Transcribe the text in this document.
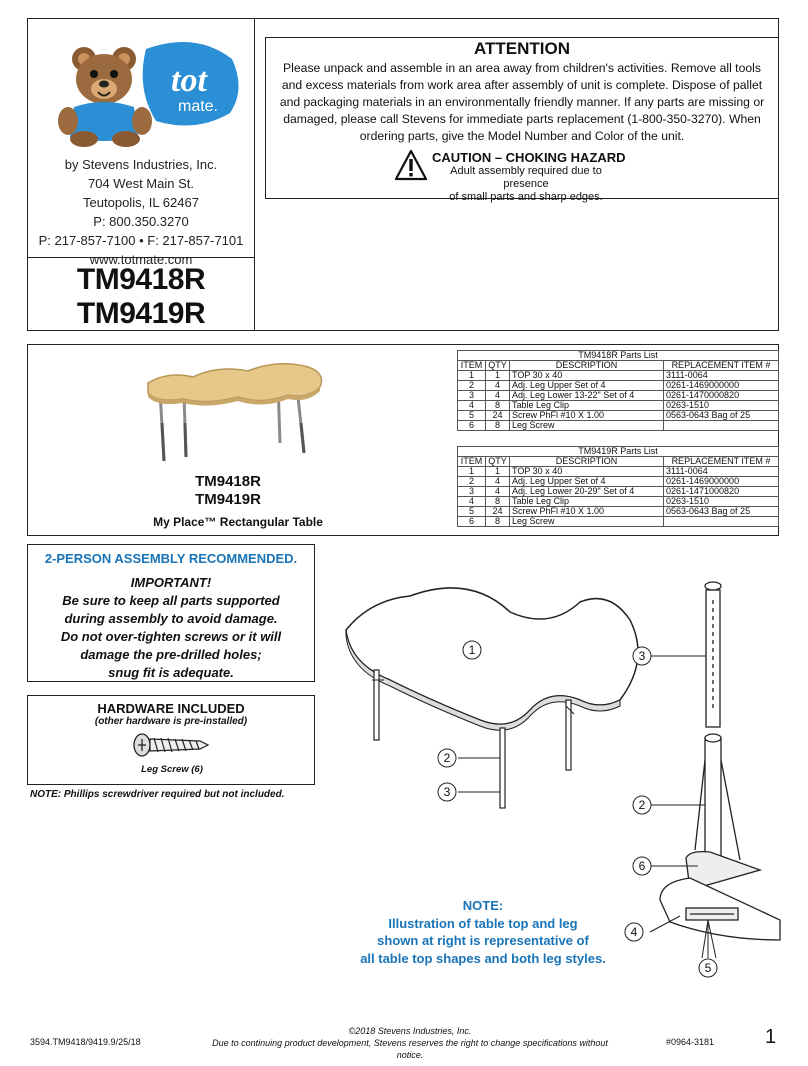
tot
mate.
by Stevens Industries, Inc.
704 West Main St.
Teutopolis, IL 62467
P: 800.350.3270
P: 217-857-7100 • F: 217-857-7101
www.totmate.com
TM9418R
TM9419R
ATTENTION
Please unpack and assemble in an area away from children's activities. Remove all tools and excess materials from work area after assembly of unit is complete. Dispose of pallet and packaging materials in an environmentally friendly manner. If any parts are missing or damaged, please call Stevens for immediate parts replacement (1-800-350-3270). When ordering parts, give the Model Number and Color of the unit.
CAUTION – CHOKING HAZARD
Adult assembly required due to presence
of small parts and sharp edges.
TM9418R
TM9419R
My Place™ Rectangular Table
TM9418R Parts List			
ITEM	QTY	DESCRIPTION	REPLACEMENT ITEM #
1	1	TOP 30 x 40	3111-0064
2	4	Adj. Leg Upper Set of 4	0261-1469000000
3	4	Adj. Leg Lower 13-22" Set of 4	0261-1470000820
4	8	Table Leg Clip	0263-1510
5	24	Screw PhFl #10 X 1.00	0563-0643 Bag of 25
6	8	Leg Screw	
TM9419R Parts List			
ITEM	QTY	DESCRIPTION	REPLACEMENT ITEM #
1	1	TOP 30 x 40	3111-0064
2	4	Adj. Leg Upper Set of 4	0261-1469000000
3	4	Adj. Leg Lower 20-29" Set of 4	0261-1471000820
4	8	Table Leg Clip	0263-1510
5	24	Screw PhFl #10 X 1.00	0563-0643 Bag of 25
6	8	Leg Screw	
2-PERSON ASSEMBLY RECOMMENDED.
IMPORTANT!
Be sure to keep all parts supported
during assembly to avoid damage.
Do not over-tighten screws or it will
damage the pre-drilled holes;
snug fit is adequate.
HARDWARE INCLUDED
(other hardware is pre-installed)
Leg Screw (6)
NOTE: Phillips screwdriver required but not included.
1	3
2
3
2
6
4
5
NOTE:
Illustration of table top and leg
shown at right is representative of
all table top shapes and both leg styles.
3594.TM9418/9419.9/25/18
©2018 Stevens Industries, Inc.
Due to continuing product development, Stevens reserves the right to change specifications without notice.
#0964-3181	1
